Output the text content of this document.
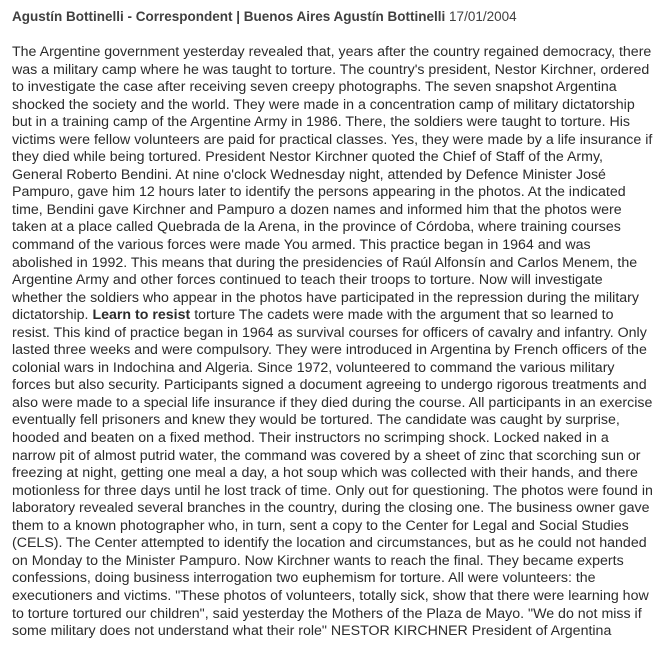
Agustín Bottinelli - Correspondent | Buenos Aires Agustín Bottinelli 17/01/2004

The Argentine government yesterday revealed that, years after the country regained democracy, there was a military camp where he was taught to torture. The country's president, Nestor Kirchner, ordered to investigate the case after receiving seven creepy photographs. The seven snapshot Argentina shocked the society and the world. They were made in a concentration camp of military dictatorship but in a training camp of the Argentine Army in 1986. There, the soldiers were taught to torture. His victims were fellow volunteers are paid for practical classes. Yes, they were made by a life insurance if they died while being tortured. President Nestor Kirchner quoted the Chief of Staff of the Army, General Roberto Bendini. At nine o'clock Wednesday night, attended by Defence Minister José Pampuro, gave him 12 hours later to identify the persons appearing in the photos. At the indicated time, Bendini gave Kirchner and Pampuro a dozen names and informed him that the photos were taken at a place called Quebrada de la Arena, in the province of Córdoba, where training courses command of the various forces were made You armed. This practice began in 1964 and was abolished in 1992. This means that during the presidencies of Raúl Alfonsín and Carlos Menem, the Argentine Army and other forces continued to teach their troops to torture. Now will investigate whether the soldiers who appear in the photos have participated in the repression during the military dictatorship. Learn to resist torture The cadets were made with the argument that so learned to resist. This kind of practice began in 1964 as survival courses for officers of cavalry and infantry. Only lasted three weeks and were compulsory. They were introduced in Argentina by French officers of the colonial wars in Indochina and Algeria. Since 1972, volunteered to command the various military forces but also security. Participants signed a document agreeing to undergo rigorous treatments and also were made to a special life insurance if they died during the course. All participants in an exercise eventually fell prisoners and knew they would be tortured. The candidate was caught by surprise, hooded and beaten on a fixed method. Their instructors no scrimping shock. Locked naked in a narrow pit of almost putrid water, the command was covered by a sheet of zinc that scorching sun or freezing at night, getting one meal a day, a hot soup which was collected with their hands, and there motionless for three days until he lost track of time. Only out for questioning. The photos were found in laboratory revealed several branches in the country, during the closing one. The business owner gave them to a known photographer who, in turn, sent a copy to the Center for Legal and Social Studies (CELS). The Center attempted to identify the location and circumstances, but as he could not handed on Monday to the Minister Pampuro. Now Kirchner wants to reach the final. They became experts confessions, doing business interrogation two euphemism for torture. All were volunteers: the executioners and victims. "These photos of volunteers, totally sick, show that there were learning how to torture tortured our children", said yesterday the Mothers of the Plaza de Mayo. "We do not miss if some military does not understand what their role" NESTOR KIRCHNER President of Argentina
